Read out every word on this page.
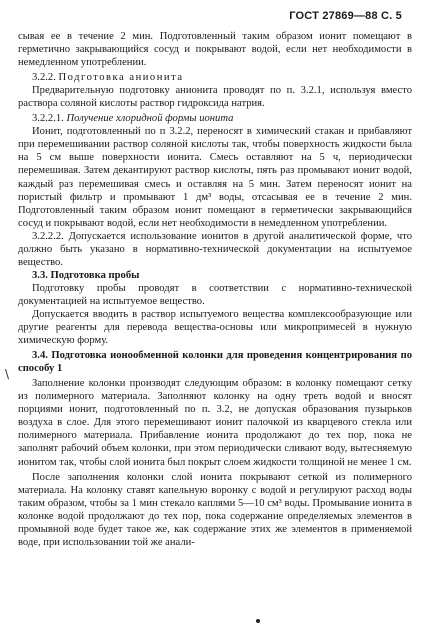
ГОСТ 27869—88 С. 5
\

сывая ее в течение 2 мин. Подготовленный таким образом ионит помещают в герметично закрывающийся сосуд и покрывают водой, если нет необходимости в немедленном употреблении.

3.2.2. Подготовка анионита

Предварительную подготовку анионита проводят по п. 3.2.1, используя вместо раствора соляной кислоты раствор гидроксида натрия.

3.2.2.1. Получение хлоридной формы ионита

Ионит, подготовленный по п 3.2.2, переносят в химический стакан и прибавляют при перемешивании раствор соляной кислоты так, чтобы поверхность жидкости была на 5 см выше поверхности ионита. Смесь оставляют на 5 ч, периодически перемешивая. Затем декантируют раствор кислоты, пять раз промывают ионит водой, каждый раз перемешивая смесь и оставляя на 5 мин. Затем переносят ионит на пористый фильтр и промывают 1 дм³ воды, отсасывая ее в течение 2 мин. Подготовленный таким образом ионит помещают в герметически закрывающийся сосуд и покрывают водой, если нет необходимости в немедленном употреблении.

3.2.2.2. Допускается использование ионитов в другой аналитической форме, что должно быть указано в нормативно-технической документации на испытуемое вещество.

3.3. Подготовка пробы

Подготовку пробы проводят в соответствии с нормативно-технической документацией на испытуемое вещество.

Допускается вводить в раствор испытуемого вещества комплексообразующие или другие реагенты для перевода вещества-основы или микропримесей в нужную химическую форму.

3.4. Подготовка ионообменной колонки для проведения концентрирования по способу 1

Заполнение колонки производят следующим образом: в колонку помещают сетку из полимерного материала. Заполняют колонку на одну треть водой и вносят порциями ионит, подготовленный по п. 3.2, не допуская образования пузырьков воздуха в слое. Для этого перемешивают ионит палочкой из кварцевого стекла или полимерного материала. Прибавление ионита продолжают до тех пор, пока не заполнят рабочий объем колонки, при этом периодически сливают воду, вытесняемую ионитом так, чтобы слой ионита был покрыт слоем жидкости толщиной не менее 1 см.

После заполнения колонки слой ионита покрывают сеткой из полимерного материала. На колонку ставят капельную воронку с водой и регулируют расход воды таким образом, чтобы за 1 мин стекало каплями 5—10 см³ воды. Промывание ионита в колонке водой продолжают до тех пор, пока содержание определяемых элементов в промывной воде будет такое же, как содержание этих же элементов в применяемой воде, при использовании той же анали-
